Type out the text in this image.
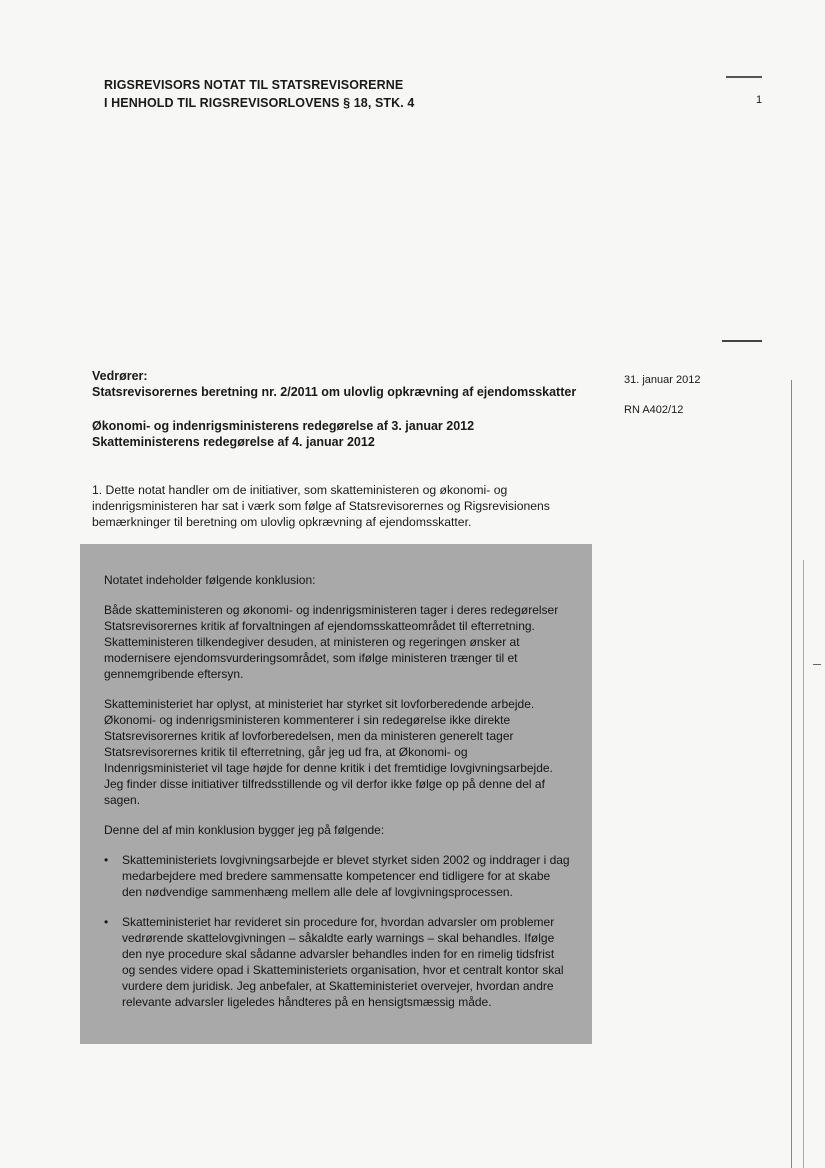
RIGSREVISORS NOTAT TIL STATSREVISORERNE
I HENHOLD TIL RIGSREVISORLOVENS § 18, STK. 4	1
Vedrører:
Statsrevisorernes beretning nr. 2/2011 om ulovlig opkrævning af ejendomsskatter
31. januar 2012
RN A402/12
Økonomi- og indenrigsministerens redegørelse af 3. januar 2012
Skatteministerens redegørelse af 4. januar 2012
1. Dette notat handler om de initiativer, som skatteministeren og økonomi- og indenrigsministeren har sat i værk som følge af Statsrevisorernes og Rigsrevisionens bemærkninger til beretning om ulovlig opkrævning af ejendomsskatter.

Notatet indeholder følgende konklusion:

Både skatteministeren og økonomi- og indenrigsministeren tager i deres redegørelser Statsrevisorernes kritik af forvaltningen af ejendomsskatteområdet til efterretning. Skatteministeren tilkendegiver desuden, at ministeren og regeringen ønsker at modernisere ejendomsvurderingsområdet, som ifølge ministeren trænger til et gennemgribende eftersyn.

Skatteministeriet har oplyst, at ministeriet har styrket sit lovforberedende arbejde. Økonomi- og indenrigsministeren kommenterer i sin redegørelse ikke direkte Statsrevisorernes kritik af lovforberedelsen, men da ministeren generelt tager Statsrevisorernes kritik til efterretning, går jeg ud fra, at Økonomi- og Indenrigsministeriet vil tage højde for denne kritik i det fremtidige lovgivningsarbejde. Jeg finder disse initiativer tilfredsstillende og vil derfor ikke følge op på denne del af sagen.

Denne del af min konklusion bygger jeg på følgende:

• Skatteministeriets lovgivningsarbejde er blevet styrket siden 2002 og inddrager i dag medarbejdere med bredere sammensatte kompetencer end tidligere for at skabe den nødvendige sammenhæng mellem alle dele af lovgivningsprocessen.
• Skatteministeriet har revideret sin procedure for, hvordan advarsler om problemer vedrørende skattelovgivningen – såkaldte early warnings – skal behandles. Ifølge den nye procedure skal sådanne advarsler behandles inden for en rimelig tidsfrist og sendes videre opad i Skatteministeriets organisation, hvor et centralt kontor skal vurdere dem juridisk. Jeg anbefaler, at Skatteministeriet overvejer, hvordan andre relevante advarsler ligeledes håndteres på en hensigtsmæssig måde.
